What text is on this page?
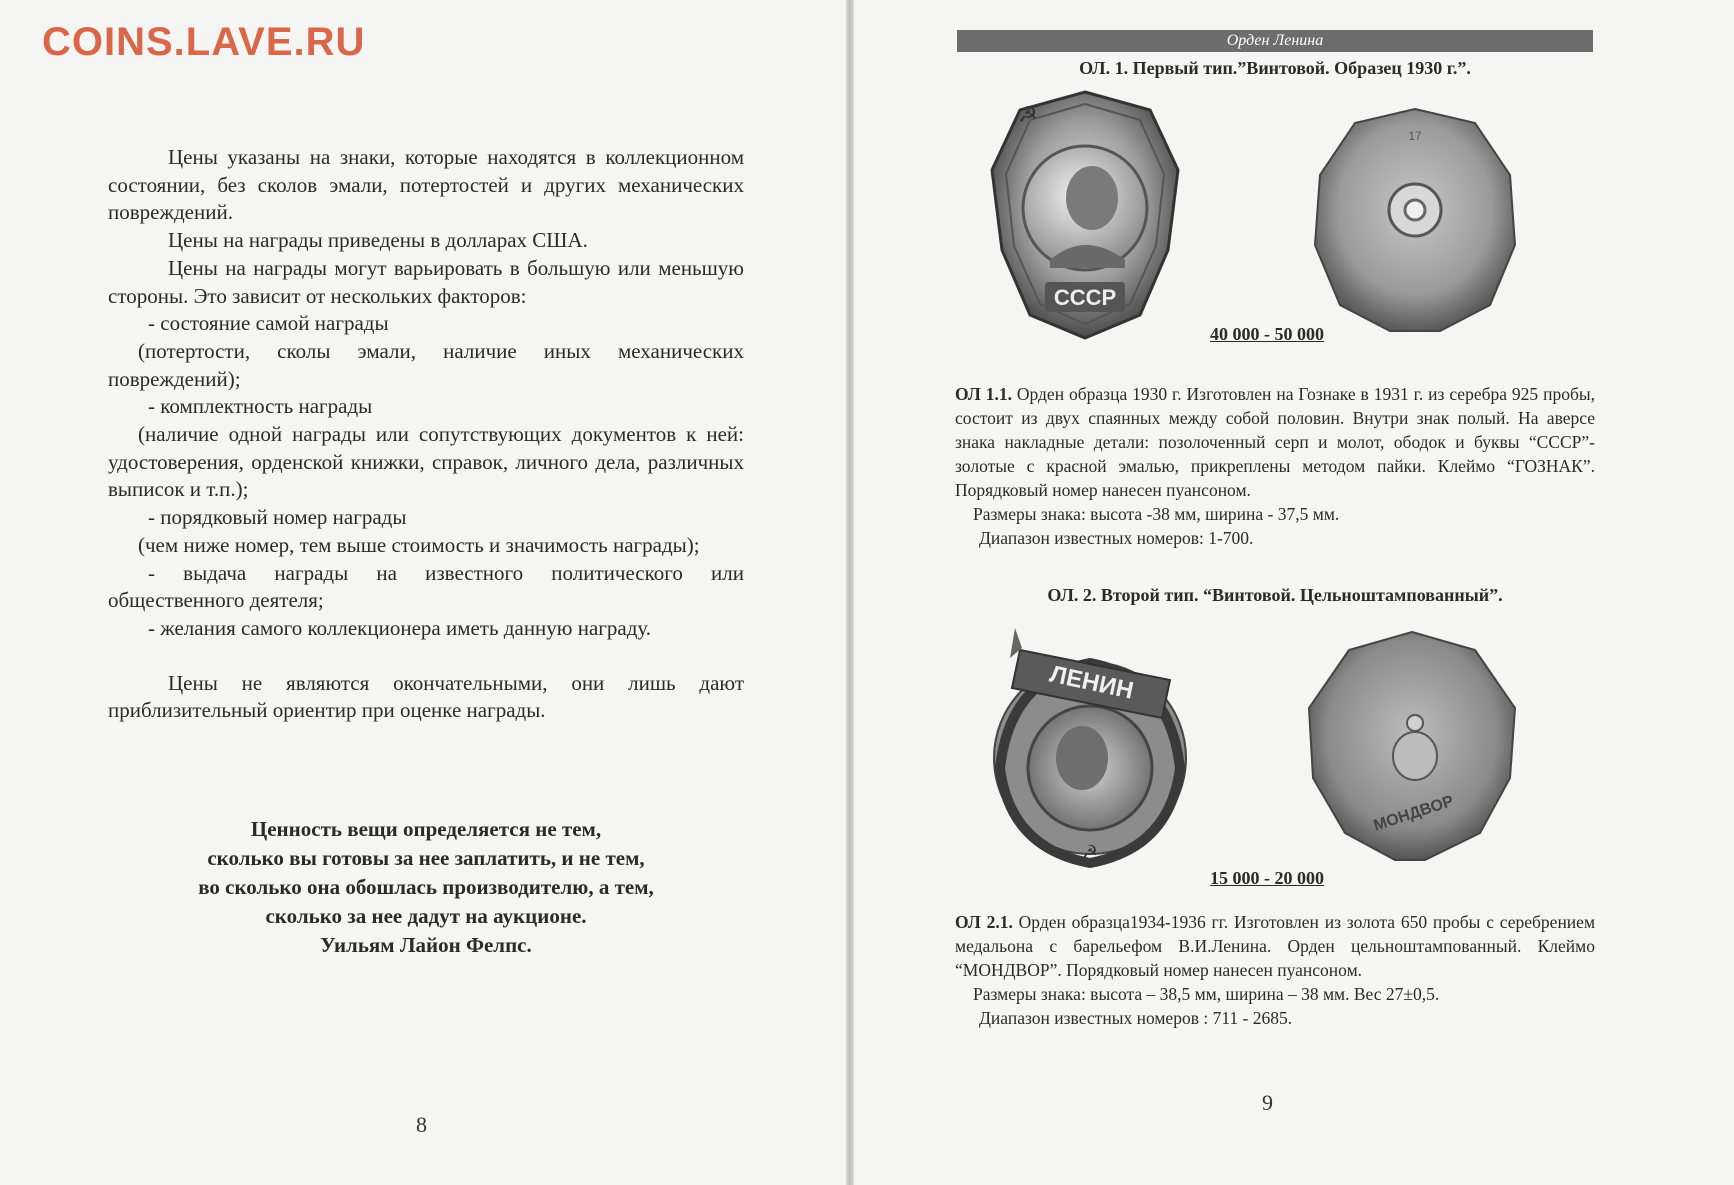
COINS.LAVE.RU

Цены указаны на знаки, которые находятся в коллекционном состоянии, без сколов эмали, потертостей и других механических повреждений.

Цены на награды приведены в долларах США.

Цены на награды могут варьировать в большую или меньшую стороны. Это зависит от нескольких факторов:

- состояние самой награды

(потертости, сколы эмали, наличие иных механических повреждений);

- комплектность награды

(наличие одной награды или сопутствующих документов к ней: удостоверения, орденской книжки, справок, личного дела, различных выписок и т.п.);

- порядковый номер награды

(чем ниже номер, тем выше стоимость и значимость награды);

- выдача награды на известного политического или общественного деятеля;

- желания самого коллекционера иметь данную награду.

Цены не являются окончательными, они лишь дают приблизительный ориентир при оценке награды.

Ценность вещи определяется не тем,
сколько вы готовы за нее заплатить, и не тем,
во сколько она обошлась производителю, а тем,
сколько за нее дадут на аукционе.
Уильям Лайон Фелпс.
8
Орден Ленина
ОЛ. 1. Первый тип.”Винтовой. Образец 1930 г.”.
☭
СССР
17
40 000 - 50 000

ОЛ 1.1. Орден образца 1930 г. Изготовлен на Гознаке в 1931 г. из серебра 925 пробы, состоит из двух спаянных между собой половин. Внутри знак полый. На аверсе знака накладные детали: позолоченный серп и молот, ободок и буквы “СССР”- золотые с красной эмалью, прикреплены методом пайки. Клеймо “ГОЗНАК”. Порядковый номер нанесен пуансоном.

Размеры знака: высота -38 мм, ширина - 37,5 мм.

Диапазон известных номеров: 1-700.

ОЛ. 2. Второй тип. “Винтовой. Цельноштампованный”.
ЛЕНИН
☭
МОНДВОР
15 000 - 20 000

ОЛ 2.1. Орден образца1934-1936 гг. Изготовлен из золота 650 пробы с серебрением медальона с барельефом В.И.Ленина. Орден цельноштампованный. Клеймо “МОНДВОР”. Порядковый номер нанесен пуансоном.

Размеры знака: высота – 38,5 мм, ширина – 38 мм. Вес 27±0,5.

Диапазон известных номеров : 711 - 2685.

9
